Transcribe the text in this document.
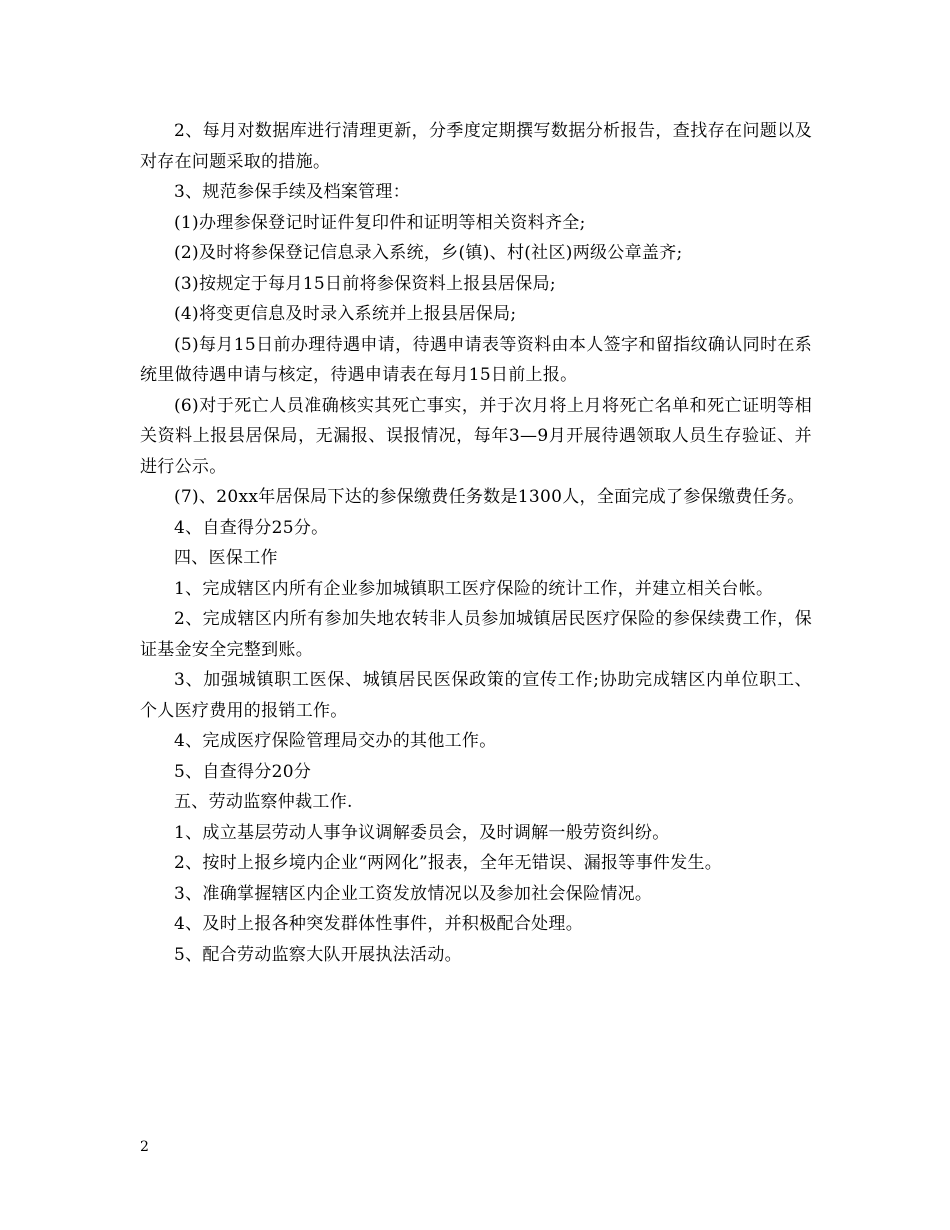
2、每月对数据库进行清理更新，分季度定期撰写数据分析报告，查找存在问题以及对存在问题采取的措施。

3、规范参保手续及档案管理：

(1)办理参保登记时证件复印件和证明等相关资料齐全;

(2)及时将参保登记信息录入系统，乡(镇)、村(社区)两级公章盖齐;

(3)按规定于每月15日前将参保资料上报县居保局;

(4)将变更信息及时录入系统并上报县居保局;

(5)每月15日前办理待遇申请，待遇申请表等资料由本人签字和留指纹确认同时在系统里做待遇申请与核定，待遇申请表在每月15日前上报。

(6)对于死亡人员准确核实其死亡事实，并于次月将上月将死亡名单和死亡证明等相关资料上报县居保局，无漏报、误报情况，每年3—9月开展待遇领取人员生存验证、并进行公示。

(7)、20xx年居保局下达的参保缴费任务数是1300人，全面完成了参保缴费任务。

4、自查得分25分。

四、医保工作

1、完成辖区内所有企业参加城镇职工医疗保险的统计工作，并建立相关台帐。

2、完成辖区内所有参加失地农转非人员参加城镇居民医疗保险的参保续费工作，保证基金安全完整到账。

3、加强城镇职工医保、城镇居民医保政策的宣传工作;协助完成辖区内单位职工、个人医疗费用的报销工作。

4、完成医疗保险管理局交办的其他工作。

5、自查得分20分

五、劳动监察仲裁工作.

1、成立基层劳动人事争议调解委员会，及时调解一般劳资纠纷。

2、按时上报乡境内企业“两网化”报表，全年无错误、漏报等事件发生。

3、准确掌握辖区内企业工资发放情况以及参加社会保险情况。

4、及时上报各种突发群体性事件，并积极配合处理。

5、配合劳动监察大队开展执法活动。

2
